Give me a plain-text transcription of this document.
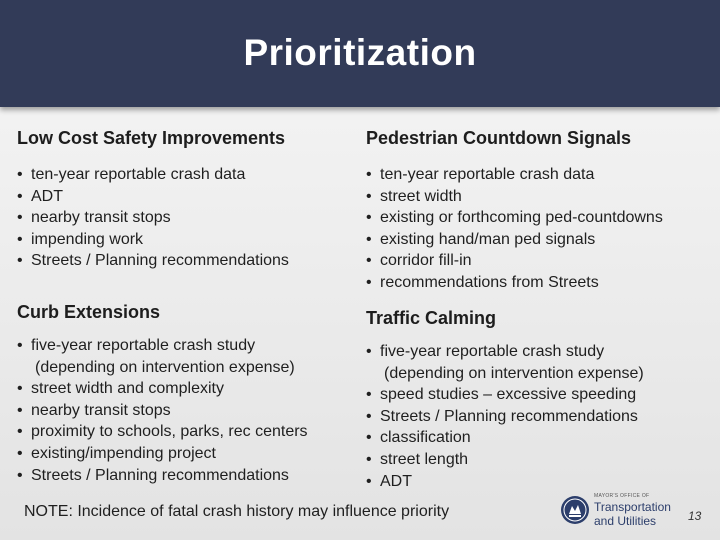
Prioritization
Low Cost Safety Improvements
• ten-year reportable crash data
• ADT
• nearby transit stops
• impending work
• Streets / Planning recommendations
Pedestrian Countdown Signals
• ten-year reportable crash data
• street width
• existing or forthcoming ped-countdowns
• existing hand/man ped signals
• corridor fill-in
• recommendations from Streets
Curb Extensions
• five-year reportable crash study
(depending on intervention expense)
• street width and complexity
• nearby transit stops
• proximity to schools, parks, rec centers
• existing/impending project
• Streets / Planning recommendations
Traffic Calming
• five-year reportable crash study
(depending on intervention expense)
• speed studies – excessive speeding
• Streets / Planning recommendations
• classification
• street length
• ADT
NOTE: Incidence of fatal crash history may influence priority
MAYOR'S OFFICE OF
Transportation
and Utilities	13
